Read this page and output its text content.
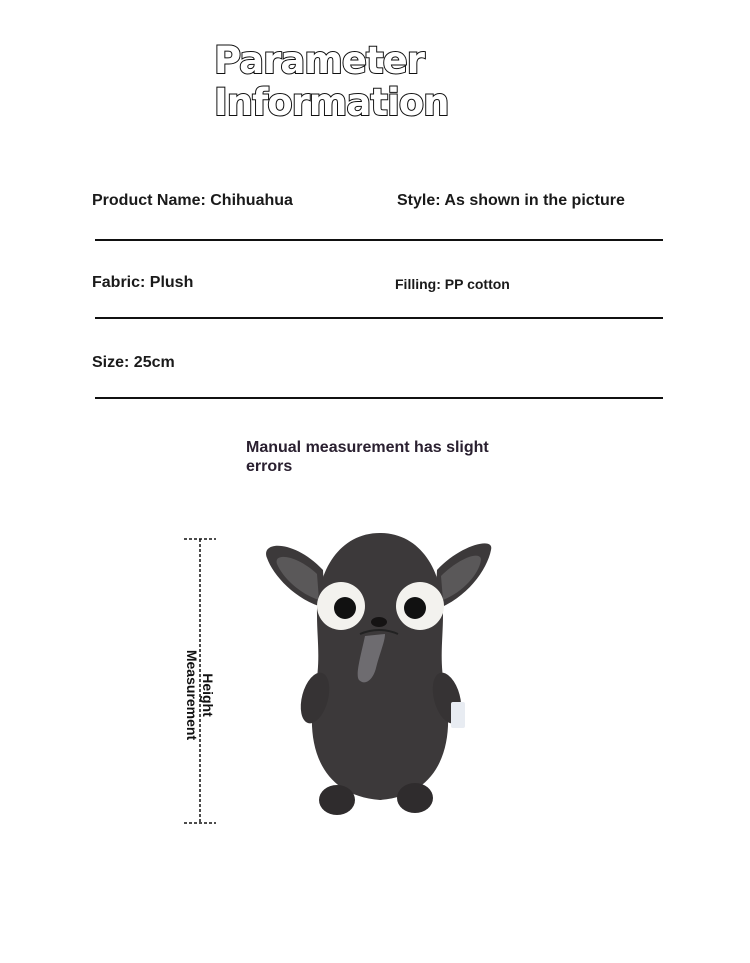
Parameter
Information
Product Name: Chihuahua	Style: As shown in the picture
Fabric: Plush	Filling: PP cotton
Size: 25cm
Manual measurement has slight errors
Height
Measurement
